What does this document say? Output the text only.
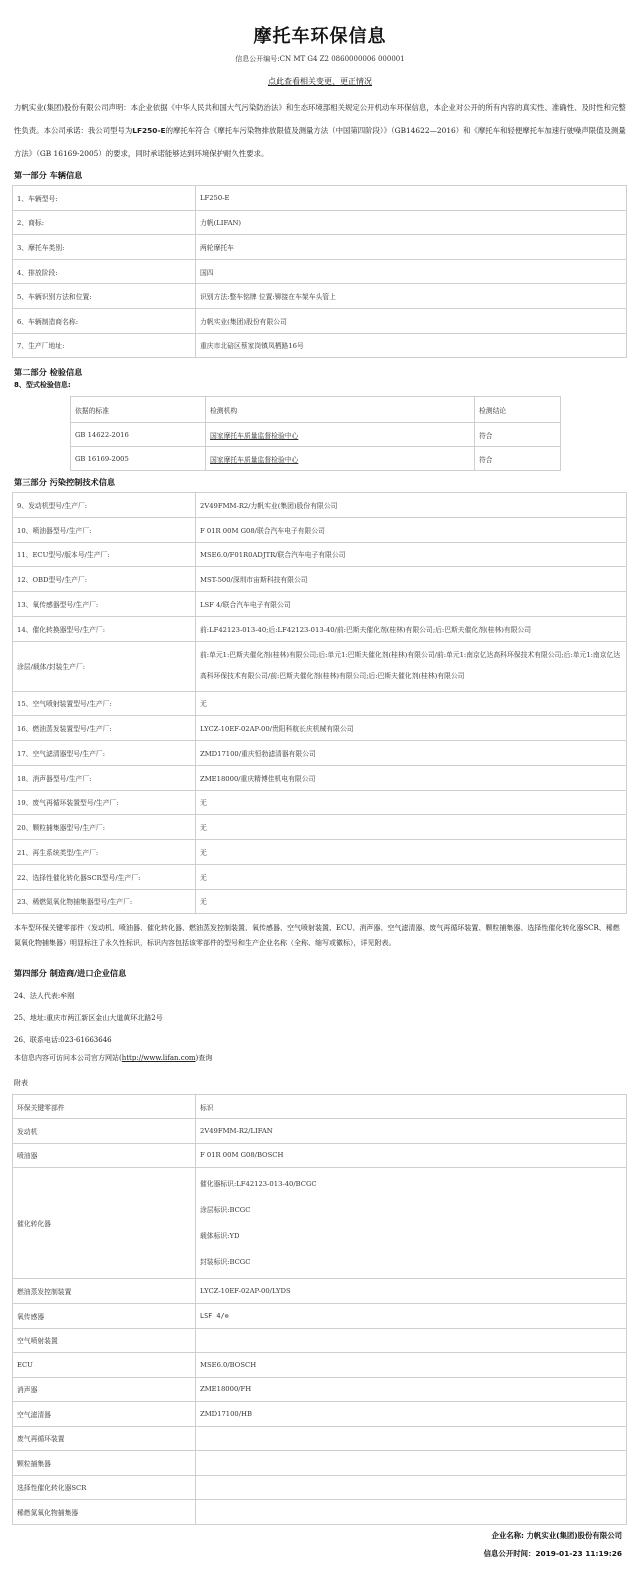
摩托车环保信息
信息公开编号:CN MT G4 Z2 0860000006 000001
点此查看相关变更、更正情况
力帆实业(集团)股份有限公司声明：本企业依据《中华人民共和国大气污染防治法》和生态环境部相关规定公开机动车环保信息，本企业对公开的所有内容的真实性、准确性、及时性和完整性负责。本公司承诺：我公司型号为LF250-E的摩托车符合《摩托车污染物排放限值及测量方法（中国第四阶段）》（GB14622—2016）和《摩托车和轻便摩托车加速行驶噪声限值及测量方法》（GB 16169-2005）的要求，同时承诺能够达到环境保护耐久性要求。
第一部分 车辆信息
1、车辆型号:	LF250-E
2、商标:	力帆(LIFAN)
3、摩托车类别:	两轮摩托车
4、排放阶段:	国四
5、车辆识别方法和位置:	识别方法:整车铭牌 位置:铆接在车架车头管上
6、车辆制造商名称:	力帆实业(集团)股份有限公司
7、生产厂地址:	重庆市北碚区蔡家岗镇凤栖路16号
第二部分 检验信息
8、型式检验信息:
依据的标准	检测机构	检测结论
GB 14622-2016	国家摩托车质量监督检验中心	符合
GB 16169-2005	国家摩托车质量监督检验中心	符合
第三部分 污染控制技术信息
9、发动机型号/生产厂:	2V49FMM-R2/力帆实业(集团)股份有限公司
10、喷油器型号/生产厂:	F 01R 00M G08/联合汽车电子有限公司
11、ECU型号/版本号/生产厂:	MSE6.0/F01R0ADJTR/联合汽车电子有限公司
12、OBD型号/生产厂:	MST-500/深圳市宙斯科技有限公司
13、氧传感器型号/生产厂:	LSF 4/联合汽车电子有限公司
14、催化转换器型号/生产厂:	前:LF42123-013-40;后:LF42123-013-40/前:巴斯夫催化剂(桂林)有限公司;后:巴斯夫催化剂(桂林)有限公司
涂层/载体/封装生产厂:	前:单元1:巴斯夫催化剂(桂林)有限公司;后:单元1:巴斯夫催化剂(桂林)有限公司/前:单元1:南京亿达高科环保技术有限公司;后:单元1:南京亿达高科环保技术有限公司/前:巴斯夫催化剂(桂林)有限公司;后:巴斯夫催化剂(桂林)有限公司
15、空气喷射装置型号/生产厂:	无
16、燃油蒸发装置型号/生产厂:	LYCZ-10EF-02AP-00/贵阳科航长庆机械有限公司
17、空气滤清器型号/生产厂:	ZMD17100/重庆恒勃滤清器有限公司
18、消声器型号/生产厂:	ZME18000/重庆精博佳机电有限公司
19、废气再循环装置型号/生产厂:	无
20、颗粒捕集器型号/生产厂:	无
21、再生系统类型/生产厂:	无
22、选择性催化转化器SCR型号/生产厂:	无
23、稀燃氮氧化物捕集器型号/生产厂:	无
本车型环保关键零部件（发动机、喷油器、催化转化器、燃油蒸发控制装置、氧传感器、空气喷射装置、ECU、消声器、空气滤清器、废气再循环装置、颗粒捕集器、选择性催化转化器SCR、稀燃氮氧化物捕集器）明显标注了永久性标识，标识内容包括该零部件的型号和生产企业名称（全称、缩写或徽标），详见附表。
第四部分 制造商/进口企业信息
24、法人代表:牟刚
25、地址:重庆市两江新区金山大道黄环北路2号
26、联系电话:023-61663646
本信息内容可访问本公司官方网站(http://www.lifan.com)查询
附表
环保关键零部件	标识
发动机	2V49FMM-R2/LIFAN
喷油器	F 01R 00M G08/BOSCH
催化转化器	催化器标识:LF42123-013-40/BCGC
涂层标识:BCGC
载体标识:YD
封装标识:BCGC

燃油蒸发控制装置	LYCZ-10EF-02AP-00/LYDS
氧传感器	LSF 4/⊜
空气喷射装置	
ECU	MSE6.0/BOSCH
消声器	ZME18000/FH
空气滤清器	ZMD17100/HB
废气再循环装置	
颗粒捕集器	
选择性催化转化器SCR	
稀燃氮氧化物捕集器	
企业名称: 力帆实业(集团)股份有限公司
信息公开时间：2019-01-23 11:19:26
